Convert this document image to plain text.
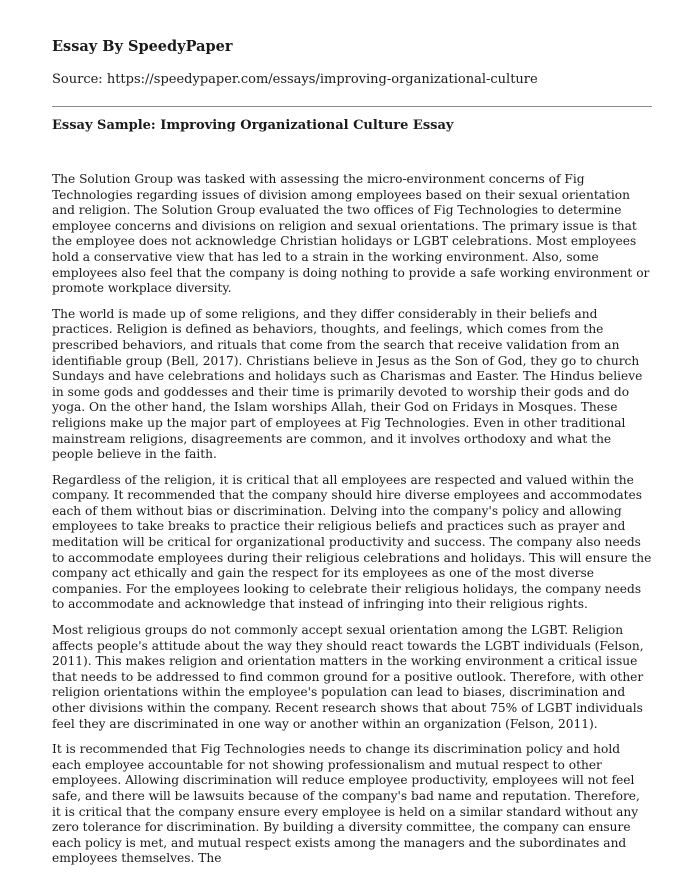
Essay By SpeedyPaper

Source: https://speedypaper.com/essays/improving-organizational-culture

Essay Sample: Improving Organizational Culture Essay

The Solution Group was tasked with assessing the micro-environment concerns of Fig Technologies regarding issues of division among employees based on their sexual orientation and religion. The Solution Group evaluated the two offices of Fig Technologies to determine employee concerns and divisions on religion and sexual orientations. The primary issue is that the employee does not acknowledge Christian holidays or LGBT celebrations. Most employees hold a conservative view that has led to a strain in the working environment. Also, some employees also feel that the company is doing nothing to provide a safe working environment or promote workplace diversity.

The world is made up of some religions, and they differ considerably in their beliefs and practices. Religion is defined as behaviors, thoughts, and feelings, which comes from the prescribed behaviors, and rituals that come from the search that receive validation from an identifiable group (Bell, 2017). Christians believe in Jesus as the Son of God, they go to church Sundays and have celebrations and holidays such as Charismas and Easter. The Hindus believe in some gods and goddesses and their time is primarily devoted to worship their gods and do yoga. On the other hand, the Islam worships Allah, their God on Fridays in Mosques. These religions make up the major part of employees at Fig Technologies. Even in other traditional mainstream religions, disagreements are common, and it involves orthodoxy and what the people believe in the faith.

Regardless of the religion, it is critical that all employees are respected and valued within the company. It recommended that the company should hire diverse employees and accommodates each of them without bias or discrimination. Delving into the company's policy and allowing employees to take breaks to practice their religious beliefs and practices such as prayer and meditation will be critical for organizational productivity and success. The company also needs to accommodate employees during their religious celebrations and holidays. This will ensure the company act ethically and gain the respect for its employees as one of the most diverse companies. For the employees looking to celebrate their religious holidays, the company needs to accommodate and acknowledge that instead of infringing into their religious rights.

Most religious groups do not commonly accept sexual orientation among the LGBT. Religion affects people's attitude about the way they should react towards the LGBT individuals (Felson, 2011). This makes religion and orientation matters in the working environment a critical issue that needs to be addressed to find common ground for a positive outlook. Therefore, with other religion orientations within the employee's population can lead to biases, discrimination and other divisions within the company. Recent research shows that about 75% of LGBT individuals feel they are discriminated in one way or another within an organization (Felson, 2011).

It is recommended that Fig Technologies needs to change its discrimination policy and hold each employee accountable for not showing professionalism and mutual respect to other employees. Allowing discrimination will reduce employee productivity, employees will not feel safe, and there will be lawsuits because of the company's bad name and reputation. Therefore, it is critical that the company ensure every employee is held on a similar standard without any zero tolerance for discrimination. By building a diversity committee, the company can ensure each policy is met, and mutual respect exists among the managers and the subordinates and employees themselves. The
